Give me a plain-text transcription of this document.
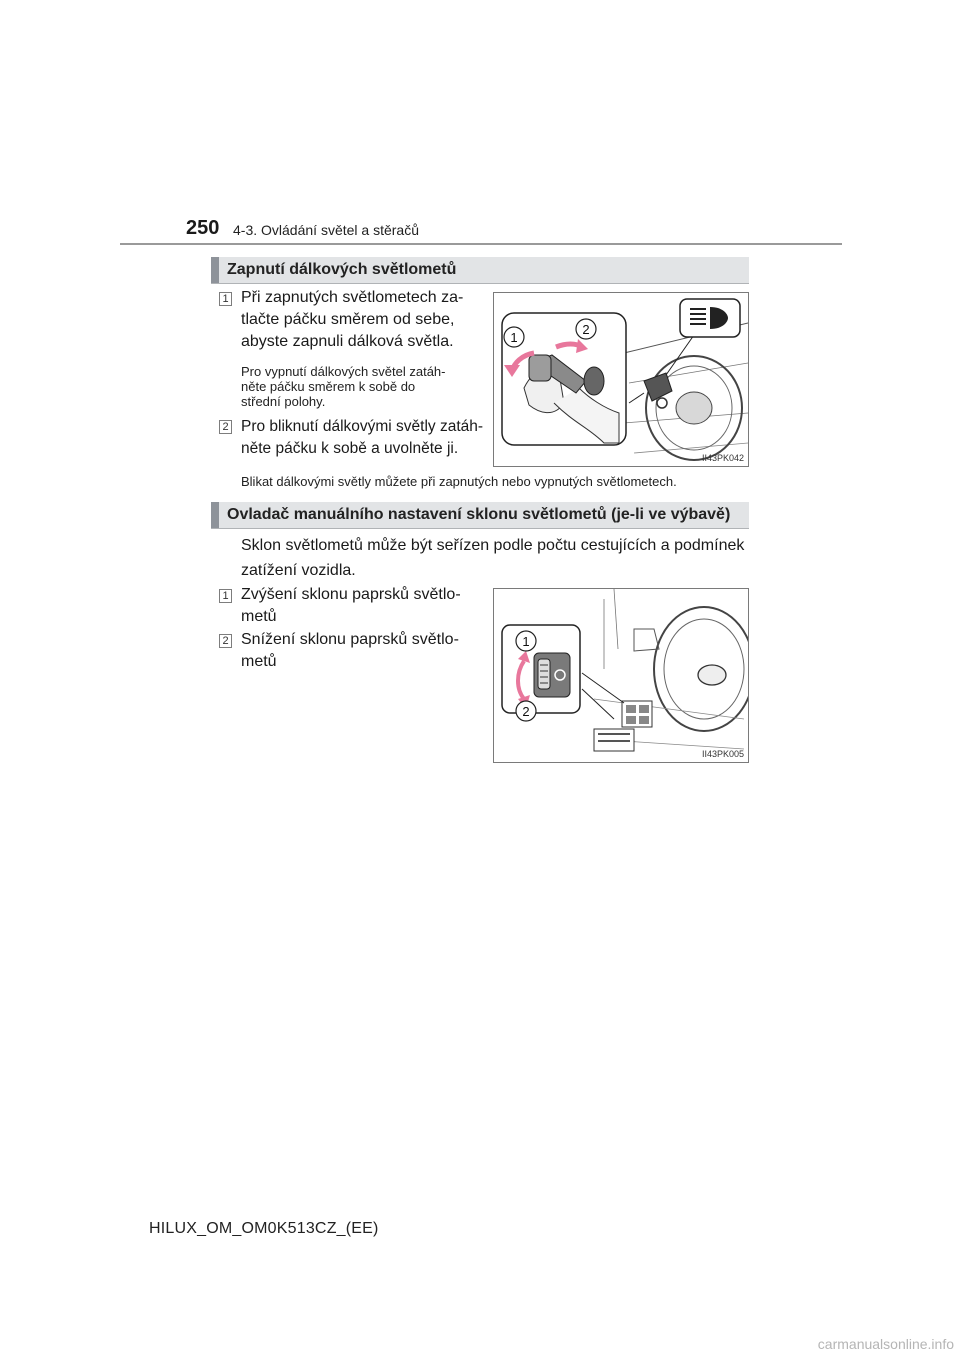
250 4-3. Ovládání světel a stěračů
Zapnutí dálkových světlometů
1 Při zapnutých světlometech za-
tlačte páčku směrem od sebe,
abyste zapnuli dálková světla.
Pro vypnutí dálkových světel zatáh-
něte páčku směrem k sobě do
střední polohy.
2 Pro bliknutí dálkovými světly zatáh-
něte páčku k sobě a uvolněte ji.
1
2
II43PK042
Blikat dálkovými světly můžete při zapnutých nebo vypnutých světlometech.
Ovladač manuálního nastavení sklonu světlometů (je-li ve výbavě)
Sklon světlometů může být seřízen podle počtu cestujících a podmínek
zatížení vozidla.
1 Zvýšení sklonu paprsků světlo-
metů
2 Snížení sklonu paprsků světlo-
metů
1
2
II43PK005
HILUX_OM_OM0K513CZ_(EE)
carmanualsonline.info
